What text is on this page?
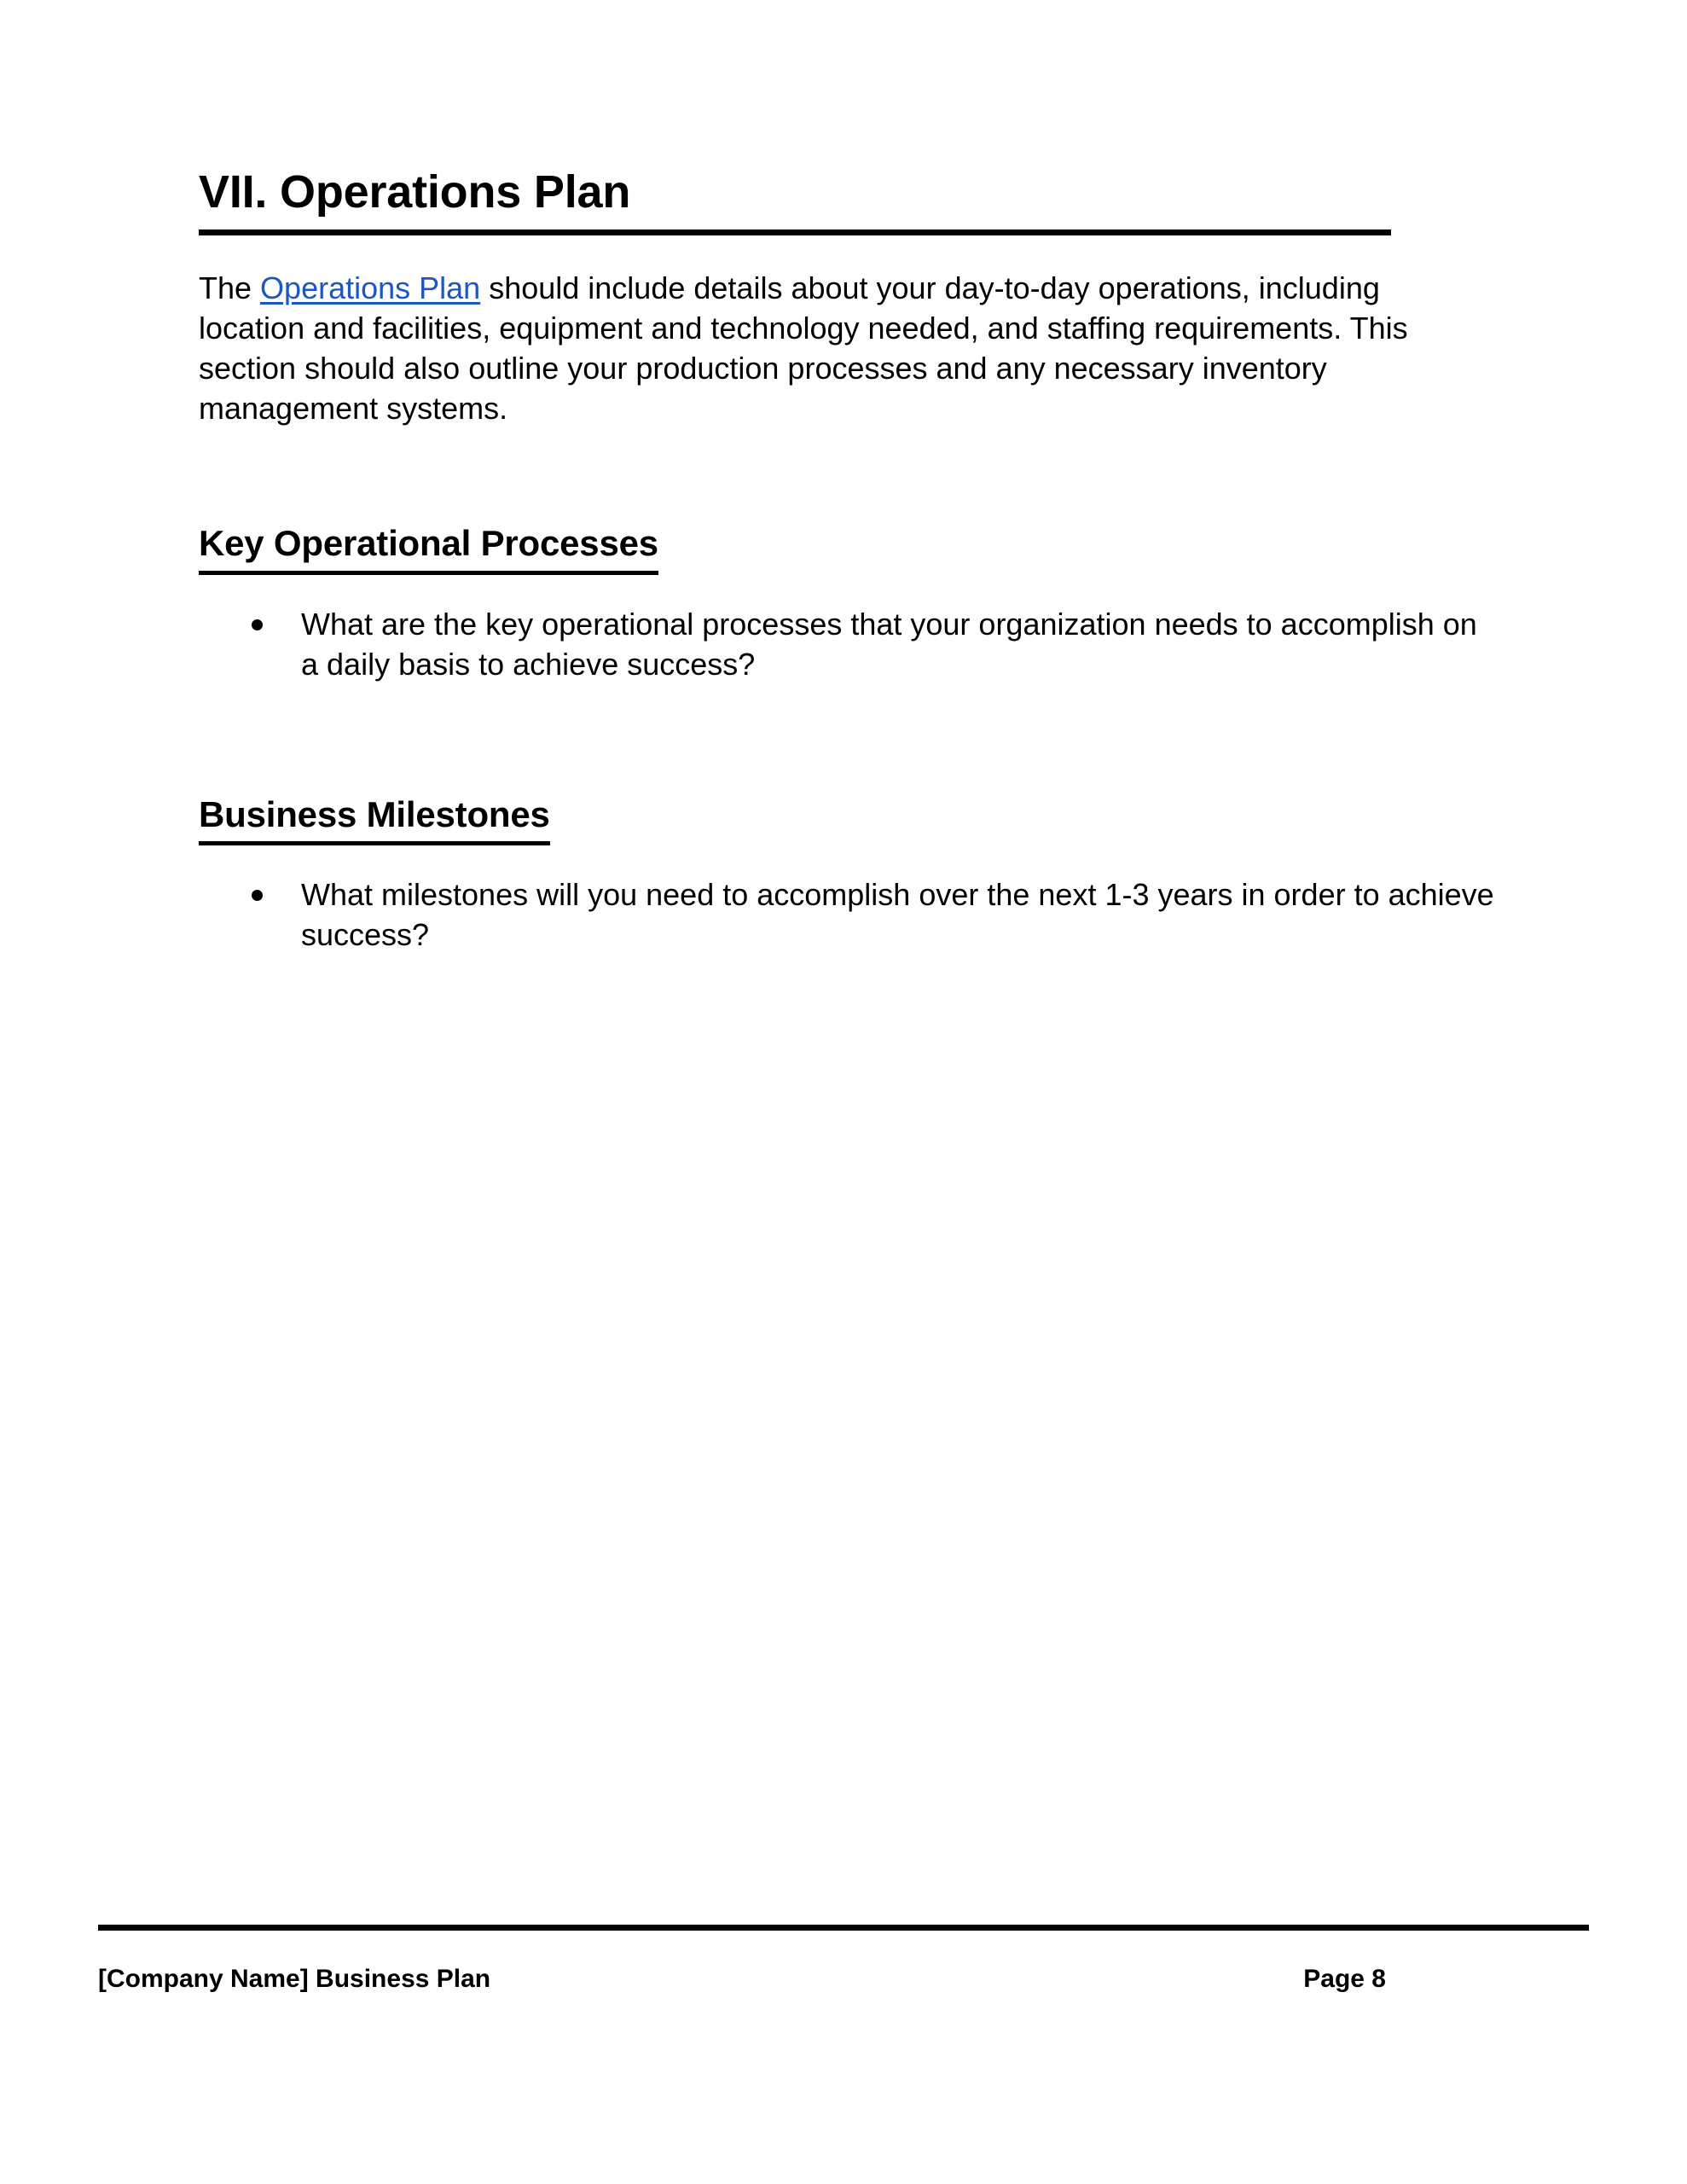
VII. Operations Plan

The Operations Plan should include details about your day-to-day operations, including location and facilities, equipment and technology needed, and staffing requirements. This section should also outline your production processes and any necessary inventory management systems.

Key Operational Processes
What are the key operational processes that your organization needs to accomplish on a daily basis to achieve success?
Business Milestones
What milestones will you need to accomplish over the next 1-3 years in order to achieve success?
[Company Name] Business Plan	Page 8
